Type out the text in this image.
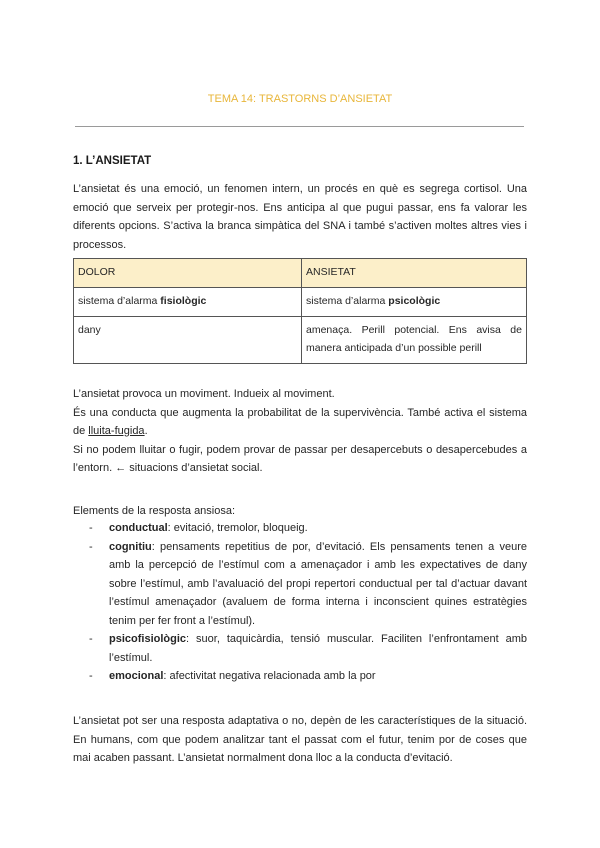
TEMA 14: TRASTORNS D’ANSIETAT
1. L’ANSIETAT
L’ansietat és una emoció, un fenomen intern, un procés en què es segrega cortisol. Una emoció que serveix per protegir-nos. Ens anticipa al que pugui passar, ens fa valorar les diferents opcions. S’activa la branca simpàtica del SNA i també s’activen moltes altres vies i processos.
DOLOR	ANSIETAT
sistema d’alarma fisiològic	sistema d’alarma psicològic
dany	amenaça. Perill potencial. Ens avisa de manera anticipada d’un possible perill
L’ansietat provoca un moviment. Indueix al moviment.
És una conducta que augmenta la probabilitat de la supervivència. També activa el sistema de lluita-fugida.
Si no podem lluitar o fugir, podem provar de passar per desapercebuts o desapercebudes a l’entorn. ← situacions d’ansietat social.
Elements de la resposta ansiosa:
- conductual: evitació, tremolor, bloqueig.
- cognitiu: pensaments repetitius de por, d’evitació. Els pensaments tenen a veure amb la percepció de l’estímul com a amenaçador i amb les expectatives de dany sobre l’estímul, amb l’avaluació del propi repertori conductual per tal d’actuar davant l’estímul amenaçador (avaluem de forma interna i inconscient quines estratègies tenim per fer front a l’estímul).
- psicofisiològic: suor, taquicàrdia, tensió muscular. Faciliten l’enfrontament amb l’estímul.
- emocional: afectivitat negativa relacionada amb la por
L’ansietat pot ser una resposta adaptativa o no, depèn de les característiques de la situació. En humans, com que podem analitzar tant el passat com el futur, tenim por de coses que mai acaben passant. L’ansietat normalment dona lloc a la conducta d’evitació.
